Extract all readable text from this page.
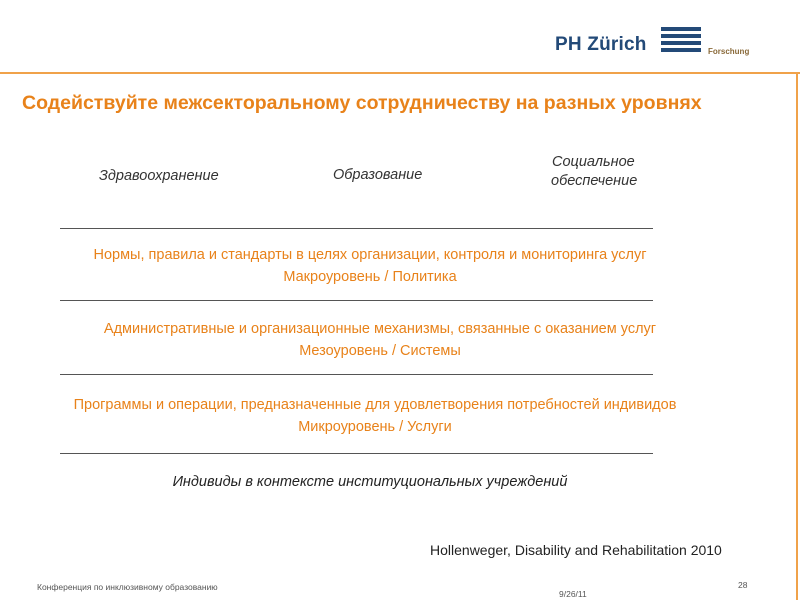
PH Zürich	Forschung
Содействуйте межсекторальному сотрудничеству на разных уровнях
Здравоохранение	Образование
Социальное
обеспечение
Нормы, правила и стандарты в целях организации, контроля и мониторинга услуг
Макроуровень / Политика
Административные и организационные механизмы, связанные с оказанием услуг
Мезоуровень / Системы
Программы и операции, предназначенные для удовлетворения потребностей индивидов
Микроуровень / Услуги
Индивиды в контексте институциональных учреждений
Hollenweger, Disability and Rehabilitation 2010
Конференция по инклюзивному образованию
9/26/11
28
